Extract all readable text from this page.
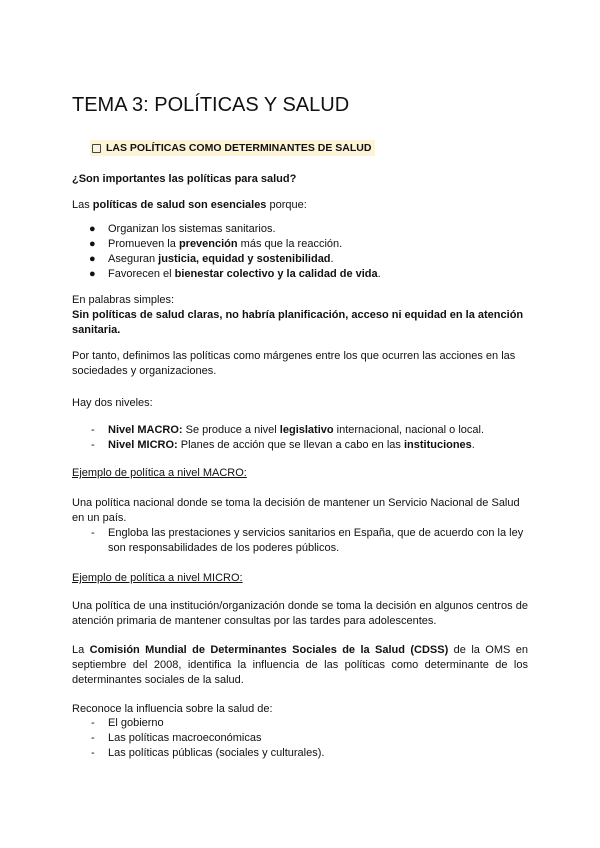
TEMA 3: POLÍTICAS Y SALUD
LAS POLÍTICAS COMO DETERMINANTES DE SALUD

¿Son importantes las políticas para salud?

Las políticas de salud son esenciales porque:

● Organizan los sistemas sanitarios.
● Promueven la prevención más que la reacción.
● Aseguran justicia, equidad y sostenibilidad.
● Favorecen el bienestar colectivo y la calidad de vida.

En palabras simples:

Sin políticas de salud claras, no habría planificación, acceso ni equidad en la atención sanitaria.

Por tanto, definimos las políticas como márgenes entre los que ocurren las acciones en las sociedades y organizaciones.

Hay dos niveles:

- Nivel MACRO: Se produce a nivel legislativo internacional, nacional o local.
- Nivel MICRO: Planes de acción que se llevan a cabo en las instituciones.

Ejemplo de política a nivel MACRO:

Una política nacional donde se toma la decisión de mantener un Servicio Nacional de Salud en un país.

- Engloba las prestaciones y servicios sanitarios en España, que de acuerdo con la ley son responsabilidades de los poderes públicos.

Ejemplo de política a nivel MICRO:

Una política de una institución/organización donde se toma la decisión en algunos centros de atención primaria de mantener consultas por las tardes para adolescentes.

La Comisión Mundial de Determinantes Sociales de la Salud (CDSS) de la OMS en septiembre del 2008, identifica la influencia de las políticas como determinante de los determinantes sociales de la salud.

Reconoce la influencia sobre la salud de:

- El gobierno
- Las políticas macroeconómicas
- Las políticas públicas (sociales y culturales).
